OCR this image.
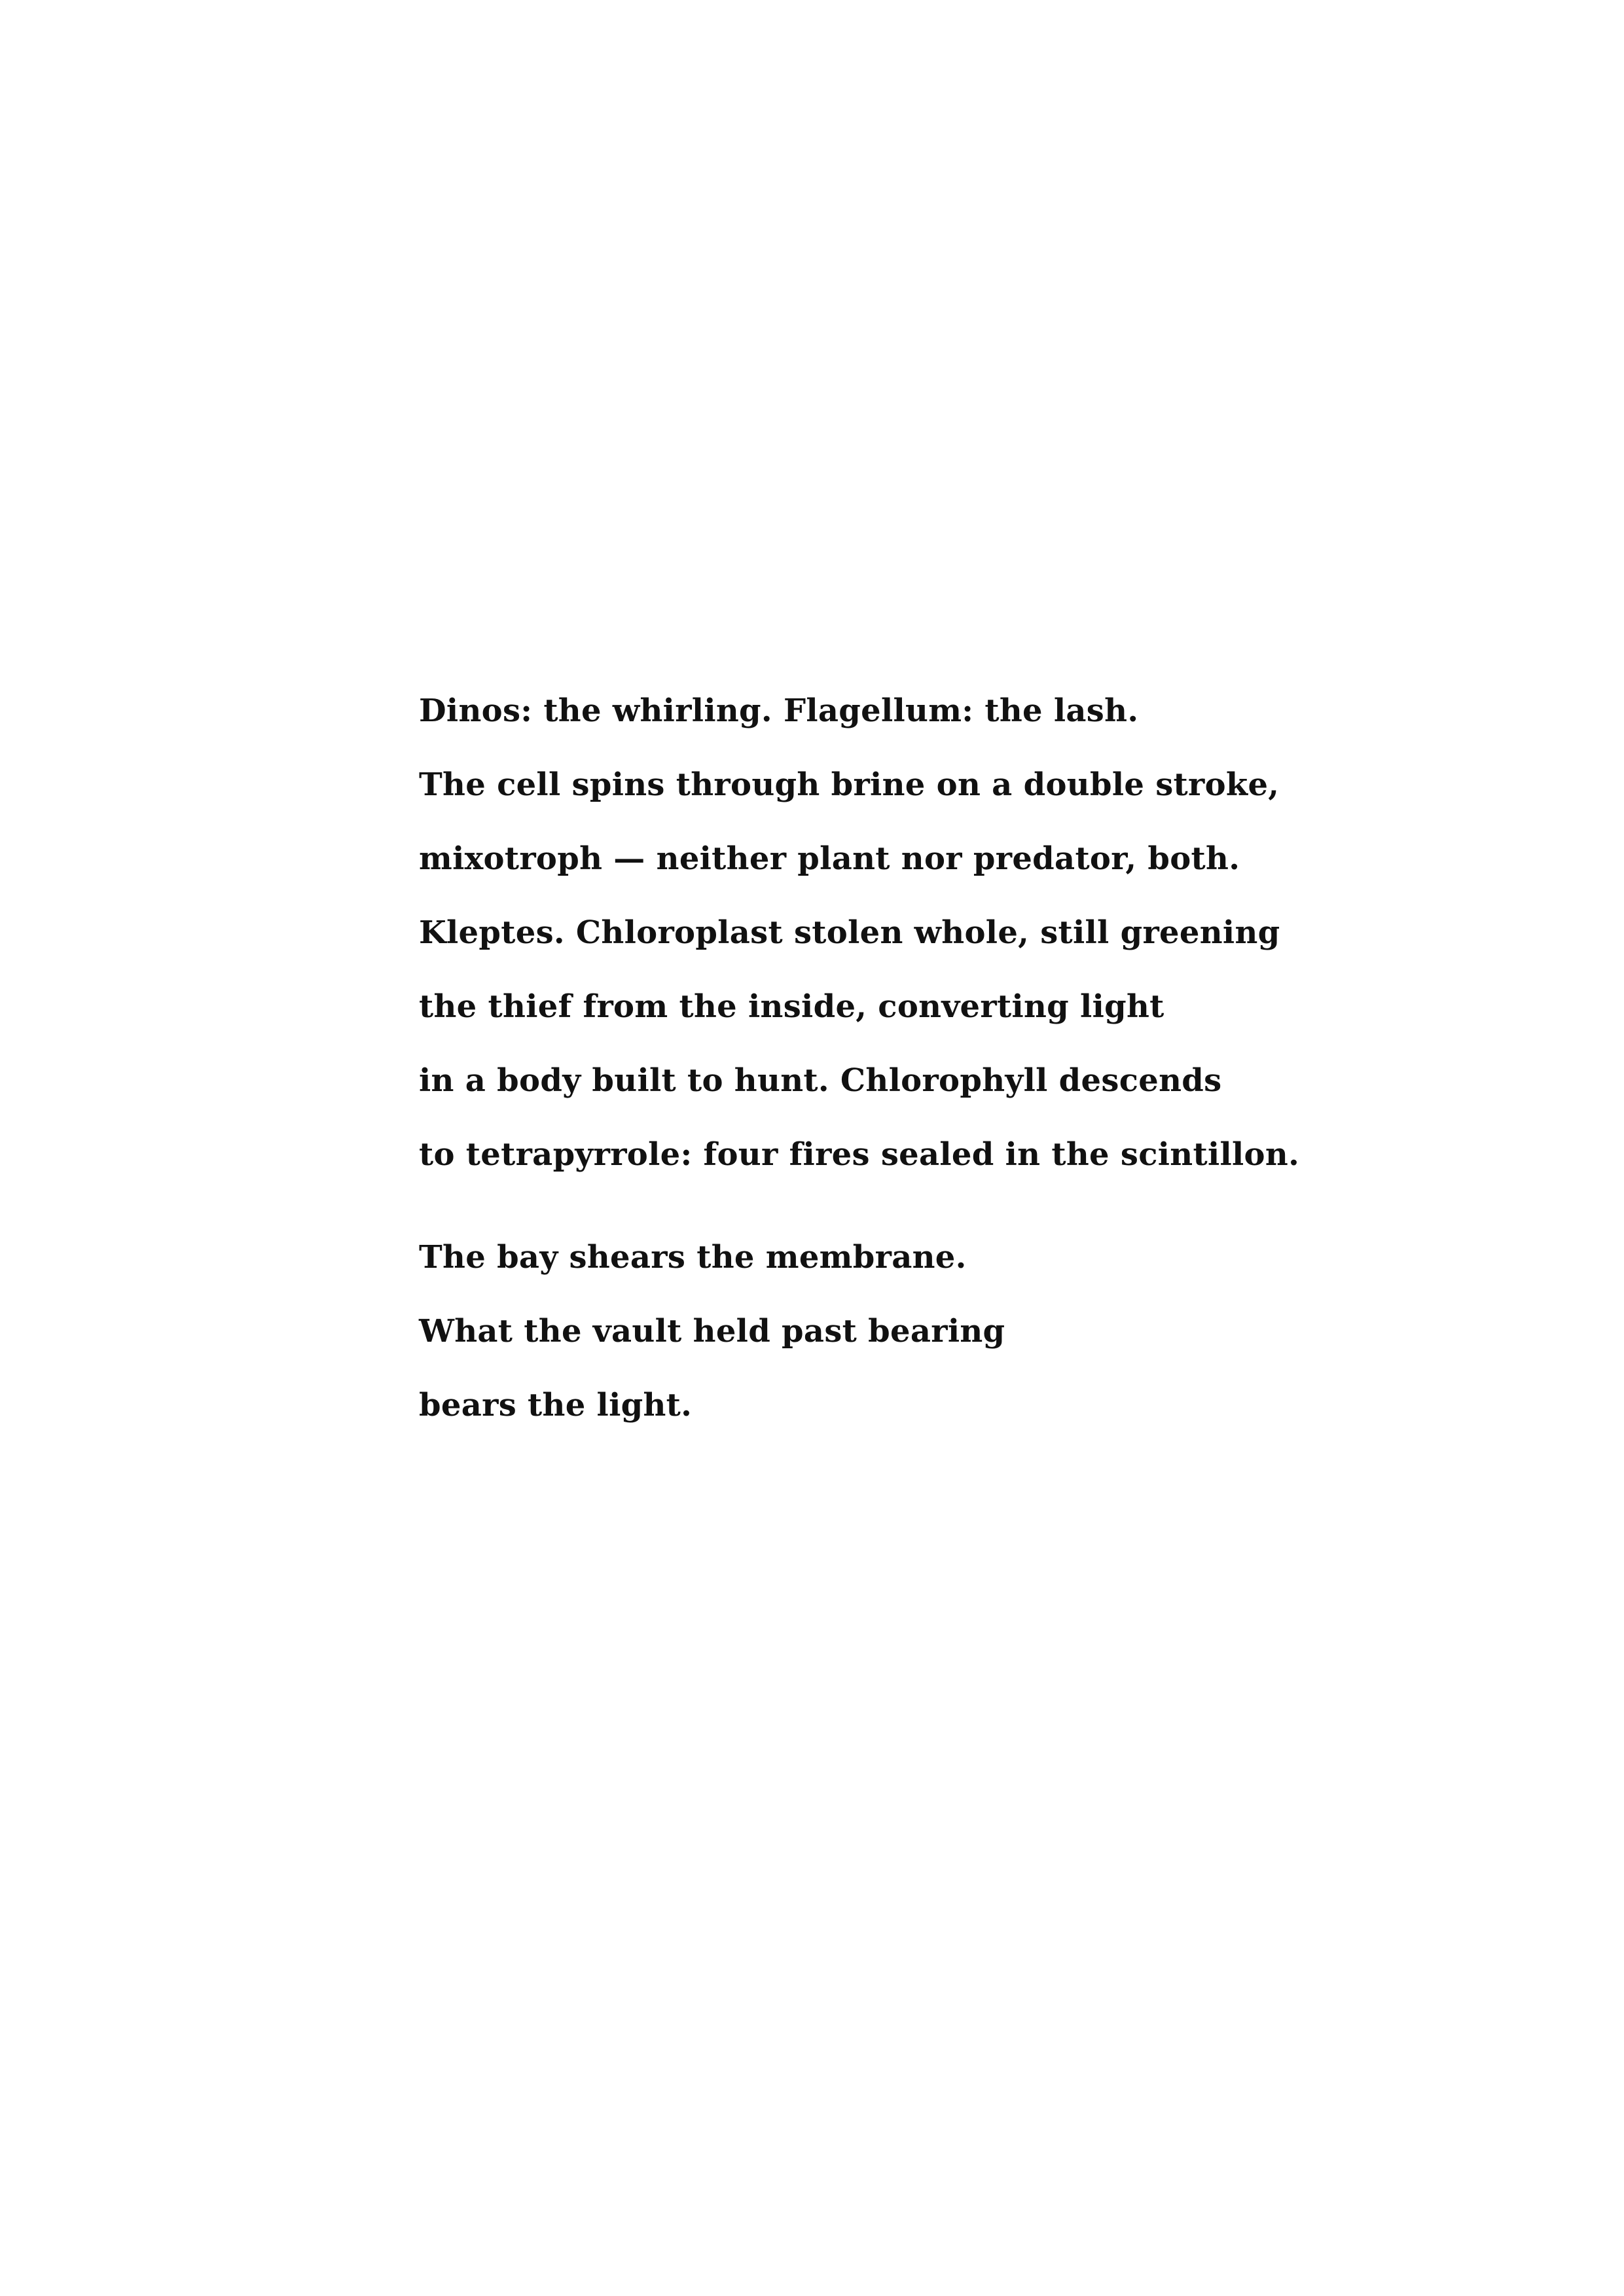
Dinos: the whirling. Flagellum: the lash.
The cell spins through brine on a double stroke,
mixotroph — neither plant nor predator, both.
Kleptes. Chloroplast stolen whole, still greening
the thief from the inside, converting light
in a body built to hunt. Chlorophyll descends
to tetrapyrrole: four fires sealed in the scintillon.
The bay shears the membrane.
What the vault held past bearing
bears the light.
